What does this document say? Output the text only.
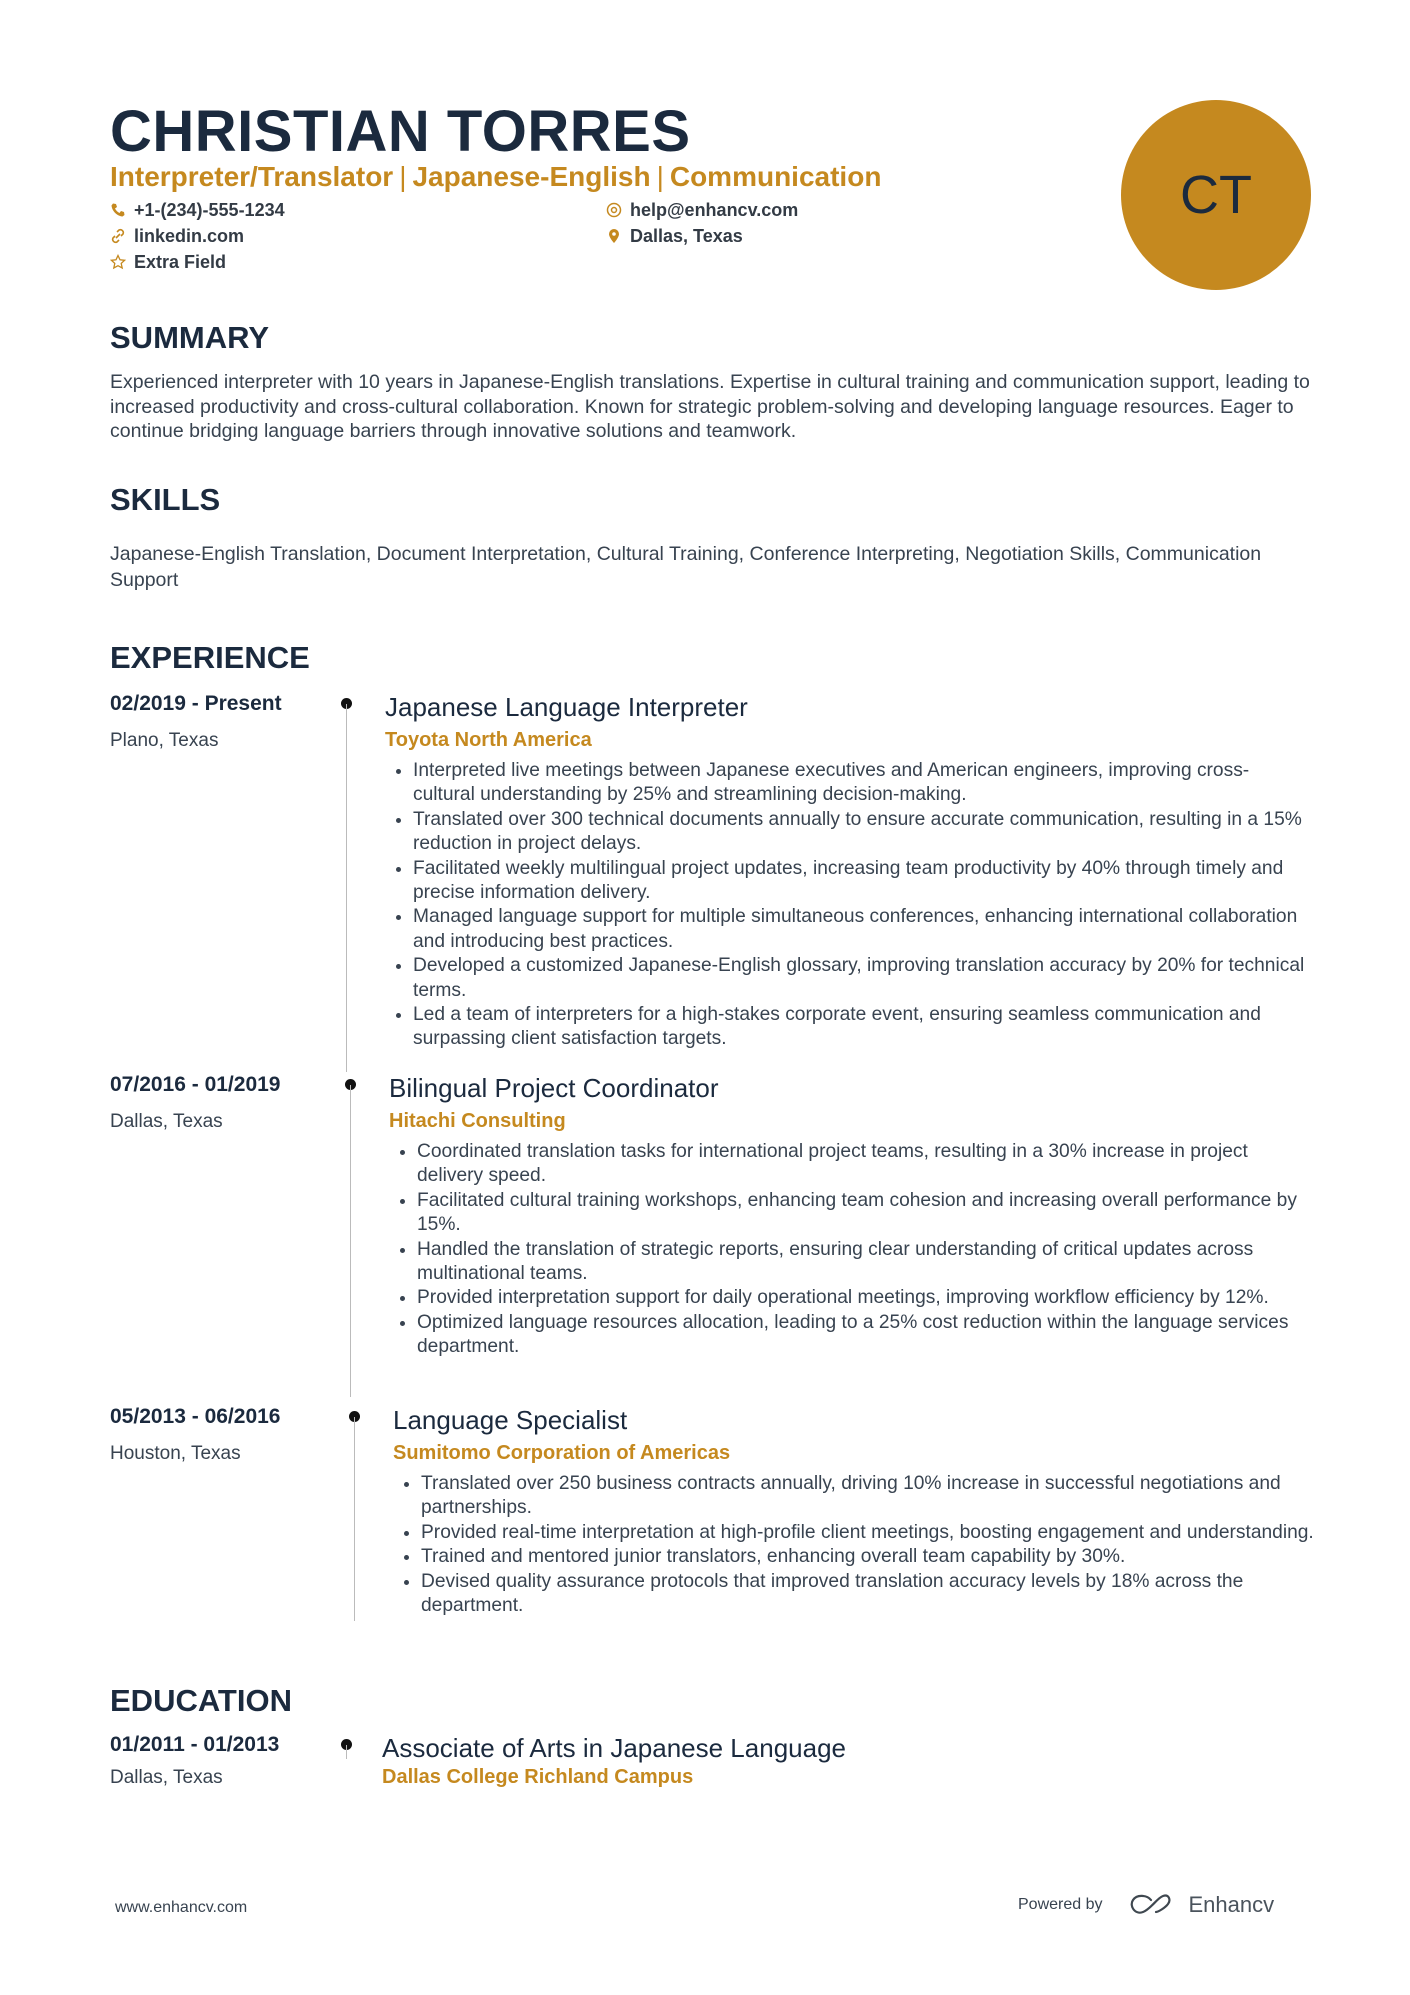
CHRISTIAN TORRES
Interpreter/Translator | Japanese-English | Communication
+1-(234)-555-1234	help@enhancv.com
linkedin.com	Dallas, Texas
Extra Field
CT
SUMMARY
Experienced interpreter with 10 years in Japanese-English translations. Expertise in cultural training and communication support, leading to increased productivity and cross-cultural collaboration. Known for strategic problem-solving and developing language resources. Eager to continue bridging language barriers through innovative solutions and teamwork.
SKILLS
Japanese-English Translation, Document Interpretation, Cultural Training, Conference Interpreting, Negotiation Skills, Communication Support
EXPERIENCE
02/2019 - Present
Plano, Texas
Japanese Language Interpreter
Toyota North America
• Interpreted live meetings between Japanese executives and American engineers, improving cross-cultural understanding by 25% and streamlining decision-making.
• Translated over 300 technical documents annually to ensure accurate communication, resulting in a 15% reduction in project delays.
• Facilitated weekly multilingual project updates, increasing team productivity by 40% through timely and precise information delivery.
• Managed language support for multiple simultaneous conferences, enhancing international collaboration and introducing best practices.
• Developed a customized Japanese-English glossary, improving translation accuracy by 20% for technical terms.
• Led a team of interpreters for a high-stakes corporate event, ensuring seamless communication and surpassing client satisfaction targets.
07/2016 - 01/2019
Dallas, Texas
Bilingual Project Coordinator
Hitachi Consulting
• Coordinated translation tasks for international project teams, resulting in a 30% increase in project delivery speed.
• Facilitated cultural training workshops, enhancing team cohesion and increasing overall performance by 15%.
• Handled the translation of strategic reports, ensuring clear understanding of critical updates across multinational teams.
• Provided interpretation support for daily operational meetings, improving workflow efficiency by 12%.
• Optimized language resources allocation, leading to a 25% cost reduction within the language services department.
05/2013 - 06/2016
Houston, Texas
Language Specialist
Sumitomo Corporation of Americas
• Translated over 250 business contracts annually, driving 10% increase in successful negotiations and partnerships.
• Provided real-time interpretation at high-profile client meetings, boosting engagement and understanding.
• Trained and mentored junior translators, enhancing overall team capability by 30%.
• Devised quality assurance protocols that improved translation accuracy levels by 18% across the department.
EDUCATION
01/2011 - 01/2013
Dallas, Texas
Associate of Arts in Japanese Language
Dallas College Richland Campus
www.enhancv.com	Powered by	Enhancv
